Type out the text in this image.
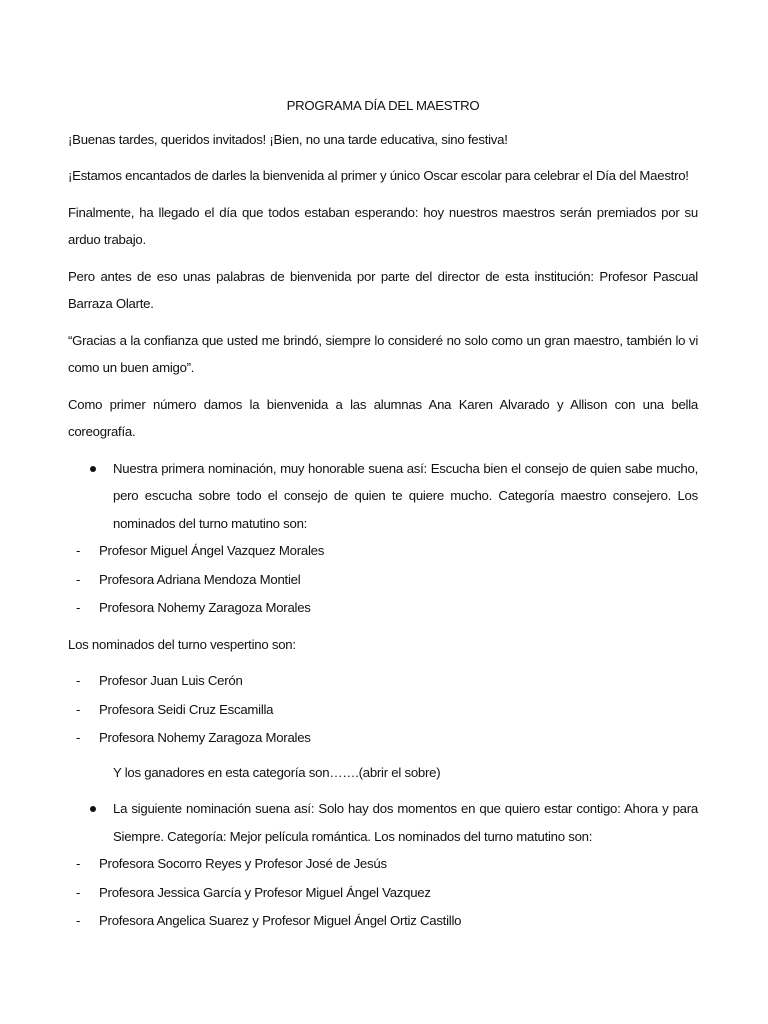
PROGRAMA DÍA DEL MAESTRO

¡Buenas tardes, queridos invitados! ¡Bien, no una tarde educativa, sino festiva!

¡Estamos encantados de darles la bienvenida al primer y único Oscar escolar para celebrar el Día del Maestro!

Finalmente, ha llegado el día que todos estaban esperando: hoy nuestros maestros serán premiados por su arduo trabajo.

Pero antes de eso unas palabras de bienvenida por parte del director de esta institución: Profesor Pascual Barraza Olarte.

“Gracias a la confianza que usted me brindó, siempre lo consideré no solo como un gran maestro, también lo vi como un buen amigo”.

Como primer número damos la bienvenida a las alumnas Ana Karen Alvarado y Allison con una bella coreografía.

Nuestra primera nominación, muy honorable suena así: Escucha bien el consejo de quien sabe mucho, pero escucha sobre todo el consejo de quien te quiere mucho. Categoría maestro consejero. Los nominados del turno matutino son:
- Profesor Miguel Ángel Vazquez Morales
- Profesora Adriana Mendoza Montiel
- Profesora Nohemy Zaragoza Morales

Los nominados del turno vespertino son:

- Profesor Juan Luis Cerón
- Profesora Seidi Cruz Escamilla
- Profesora Nohemy Zaragoza Morales
Y los ganadores en esta categoría son…….(abrir el sobre)
La siguiente nominación suena así: Solo hay dos momentos en que quiero estar contigo: Ahora y para Siempre. Categoría: Mejor película romántica. Los nominados del turno matutino son:
- Profesora Socorro Reyes y Profesor José de Jesús
- Profesora Jessica García y Profesor Miguel Ángel Vazquez
- Profesora Angelica Suarez y Profesor Miguel Ángel Ortiz Castillo
